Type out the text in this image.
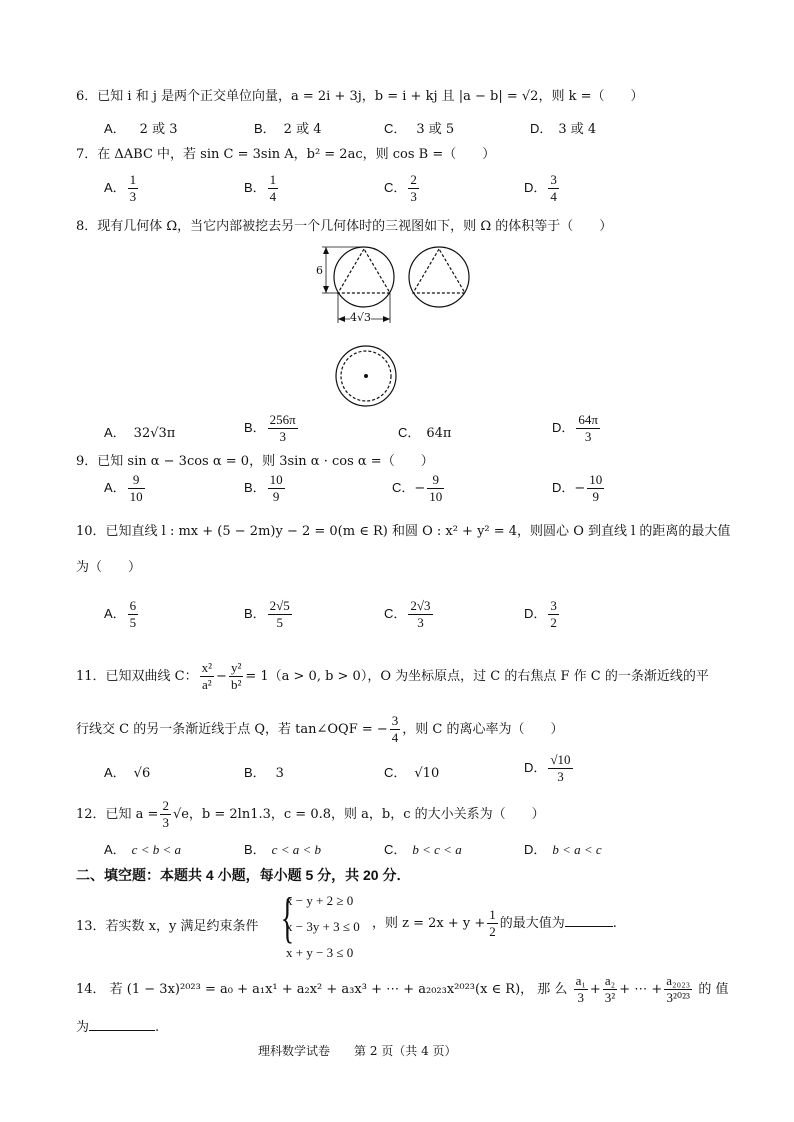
6．已知 i 和 j 是两个正交单位向量，a = 2i + 3j，b = i + kj 且 |a − b| = √2，则 k =（　　）
A． 2 或 3	B． 2 或 4	C． 3 或 5	D． 3 或 4
7．在 ΔABC 中，若 sin C = 3sin A，b² = 2ac，则 cos B =（　　）
A． $\frac{1}{3}$	B． $\frac{1}{4}$	C． $\frac{2}{3}$	D． $\frac{3}{4}$
8．现有几何体 Ω，当它内部被挖去另一个几何体时的三视图如下，则 Ω 的体积等于（　　）
6
4√3
A． 32√3π	B． $\frac{256\pi}{3}$	C． 64π	D． $\frac{64\pi}{3}$
9．已知 sin α − 3cos α = 0，则 3sin α · cos α =（　　）
A． $\frac{9}{10}$	B． $\frac{10}{9}$	C．− $\frac{9}{10}$	D．− $\frac{10}{9}$
10．已知直线 l : mx + (5 − 2m)y − 2 = 0(m ∈ R) 和圆 O : x² + y² = 4，则圆心 O 到直线 l 的距离的最大值
为（　　）
A． $\frac{6}{5}$	B． $\frac{2√5}{5}$	C． $\frac{2√3}{3}$	D． $\frac{3}{2}$
11．已知双曲线 C： $\frac{\text{x²}}{\text{a²}} - \frac{\text{y²}}{\text{b²}} = 1(a > 0$, b > 0），O 为坐标原点，过 C 的右焦点 F 作 C 的一条渐近线的平
行线交 C 的另一条渐近线于点 Q，若 tan∠OQF = − $\frac{3}{4}$ ，则 C 的离心率为（　　）
A． √6	B． 3	C． √10	D． $\frac{√10}{3}$
12．已知 $a = \frac{2}{3} √e$，b = 2ln1.3，c = 0.8，则 a，b，c 的大小关系为（　　）
A． c < b < a	B． c < a < b	C． b < c < a	D． b < a < c
二、填空题：本题共 4 小题，每小题 5 分，共 20 分．
13．若实数 x，y 满足约束条件 {
x − y + 2 ≥ 0
x − 3y + 3 ≤ 0
x + y − 3 ≤ 0
，则 $z = 2x + y + \frac{1}{2}$ 的最大值为	.
14． 若 (1 − 3x)²⁰²³ = a₀ + a₁x¹ + a₂x² + a₃x³ + ⋯ + a₂₀₂₃x²⁰²³(x ∈ R)， 那 么 $\frac{\text{a₁}}{3} + \frac{\text{a₂}}{\text{3²}}$ + ⋯ + $\frac{\text{a₂₀₂₃}}{\text{3²⁰²³}}$ 的 值
为	.
理科数学试卷　　第 2 页（共 4 页）
